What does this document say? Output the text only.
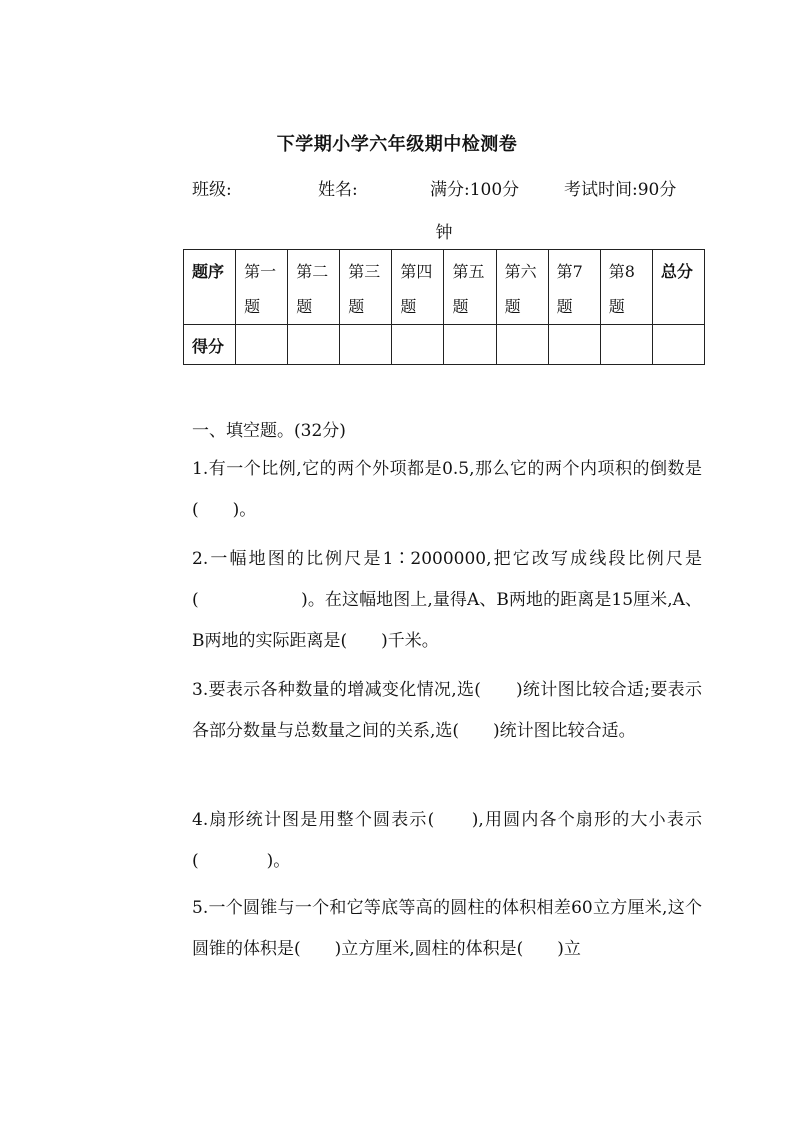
下学期小学六年级期中检测卷
班级:	姓名:	满分:100分	考试时间:90分
钟
题序	第一题	第二题	第三题	第四题	第五题	第六题	第7题	第8题	总分
得分									
一、填空题。(32分)
1.有一个比例,它的两个外项都是0.5,那么它的两个内项积的倒数是(　　)。
2.一幅地图的比例尺是1∶2000000,把它改写成线段比例尺是(　　　　　　)。在这幅地图上,量得A、B两地的距离是15厘米,A、B两地的实际距离是(　　)千米。
3.要表示各种数量的增减变化情况,选(　　)统计图比较合适;要表示各部分数量与总数量之间的关系,选(　　)统计图比较合适。
4.扇形统计图是用整个圆表示(　　),用圆内各个扇形的大小表示(　　　　)。
5.一个圆锥与一个和它等底等高的圆柱的体积相差60立方厘米,这个圆锥的体积是(　　)立方厘米,圆柱的体积是(　　)立
